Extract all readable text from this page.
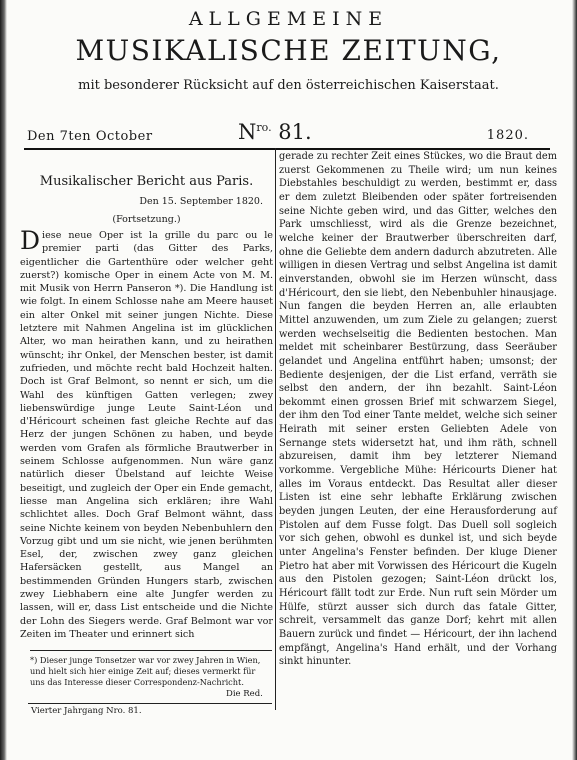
ALLGEMEINE
MUSIKALISCHE ZEITUNG,
mit besonderer Rücksicht auf den österreichischen Kaiserstaat.
Den 7ten October	$N^{ro.}$ 81.	1820.

Musikalischer Bericht aus Paris.

Den 15. September 1820.

(Fortsetzung.)

Diese neue Oper ist la grille du parc ou le premier parti (das Gitter des Parks, eigentlicher die Gartenthüre oder welcher geht zuerst?) komische Oper in einem Acte von M. M. mit Musik von Herrn Panseron *). Die Handlung ist wie folgt. In einem Schlosse nahe am Meere hauset ein alter Onkel mit seiner jungen Nichte. Diese letztere mit Nahmen Angelina ist im glücklichen Alter, wo man heirathen kann, und zu heirathen wünscht; ihr Onkel, der Menschen bester, ist damit zufrieden, und möchte recht bald Hochzeit halten. Doch ist Graf Belmont, so nennt er sich, um die Wahl des künftigen Gatten verlegen; zwey liebenswürdige junge Leute Saint-Léon und d'Héricourt scheinen fast gleiche Rechte auf das Herz der jungen Schönen zu haben, und beyde werden vom Grafen als förmliche Brautwerber in seinem Schlosse aufgenommen. Nun wäre ganz natürlich dieser Übelstand auf leichte Weise beseitigt, und zugleich der Oper ein Ende gemacht, liesse man Angelina sich erklären; ihre Wahl schlichtet alles. Doch Graf Belmont wähnt, dass seine Nichte keinem von beyden Nebenbuhlern den Vorzug gibt und um sie nicht, wie jenen berühmten Esel, der, zwischen zwey ganz gleichen Hafersäcken gestellt, aus Mangel an bestimmenden Gründen Hungers starb, zwischen zwey Liebhabern eine alte Jungfer werden zu lassen, will er, dass List entscheide und die Nichte der Lohn des Siegers werde. Graf Belmont war vor Zeiten im Theater und erinnert sich

gerade zu rechter Zeit eines Stückes, wo die Braut dem zuerst Gekommenen zu Theile wird; um nun keines Diebstahles beschuldigt zu werden, bestimmt er, dass er dem zuletzt Bleibenden oder später fortreisenden seine Nichte geben wird, und das Gitter, welches den Park umschliesst, wird als die Grenze bezeichnet, welche keiner der Brautwerber überschreiten darf, ohne die Geliebte dem andern dadurch abzutreten. Alle willigen in diesen Vertrag und selbst Angelina ist damit einverstanden, obwohl sie im Herzen wünscht, dass d'Héricourt, den sie liebt, den Nebenbuhler hinausjage. Nun fangen die beyden Herren an, alle erlaubten Mittel anzuwenden, um zum Ziele zu gelangen; zuerst werden wechselseitig die Bedienten bestochen. Man meldet mit scheinbarer Bestürzung, dass Seeräuber gelandet und Angelina entführt haben; umsonst; der Bediente desjenigen, der die List erfand, verräth sie selbst den andern, der ihn bezahlt. Saint-Léon bekommt einen grossen Brief mit schwarzem Siegel, der ihm den Tod einer Tante meldet, welche sich seiner Heirath mit seiner ersten Geliebten Adele von Sernange stets widersetzt hat, und ihm räth, schnell abzureisen, damit ihm bey letzterer Niemand vorkomme. Vergebliche Mühe: Héricourts Diener hat alles im Voraus entdeckt. Das Resultat aller dieser Listen ist eine sehr lebhafte Erklärung zwischen beyden jungen Leuten, der eine Herausforderung auf Pistolen auf dem Fusse folgt. Das Duell soll sogleich vor sich gehen, obwohl es dunkel ist, und sich beyde unter Angelina's Fenster befinden. Der kluge Diener Pietro hat aber mit Vorwissen des Héricourt die Kugeln aus den Pistolen gezogen; Saint-Léon drückt los, Héricourt fällt todt zur Erde. Nun ruft sein Mörder um Hülfe, stürzt ausser sich durch das fatale Gitter, schreit, versammelt das ganze Dorf; kehrt mit allen Bauern zurück und findet — Héricourt, der ihn lachend empfängt, Angelina's Hand erhält, und der Vorhang sinkt hinunter.

*) Dieser junge Tonsetzer war vor zwey Jahren in Wien, und hielt sich hier einige Zeit auf; dieses vermerkt für uns das Interesse dieser Correspondenz-Nachricht.

Die Red.
Vierter Jahrgang Nro. 81.
